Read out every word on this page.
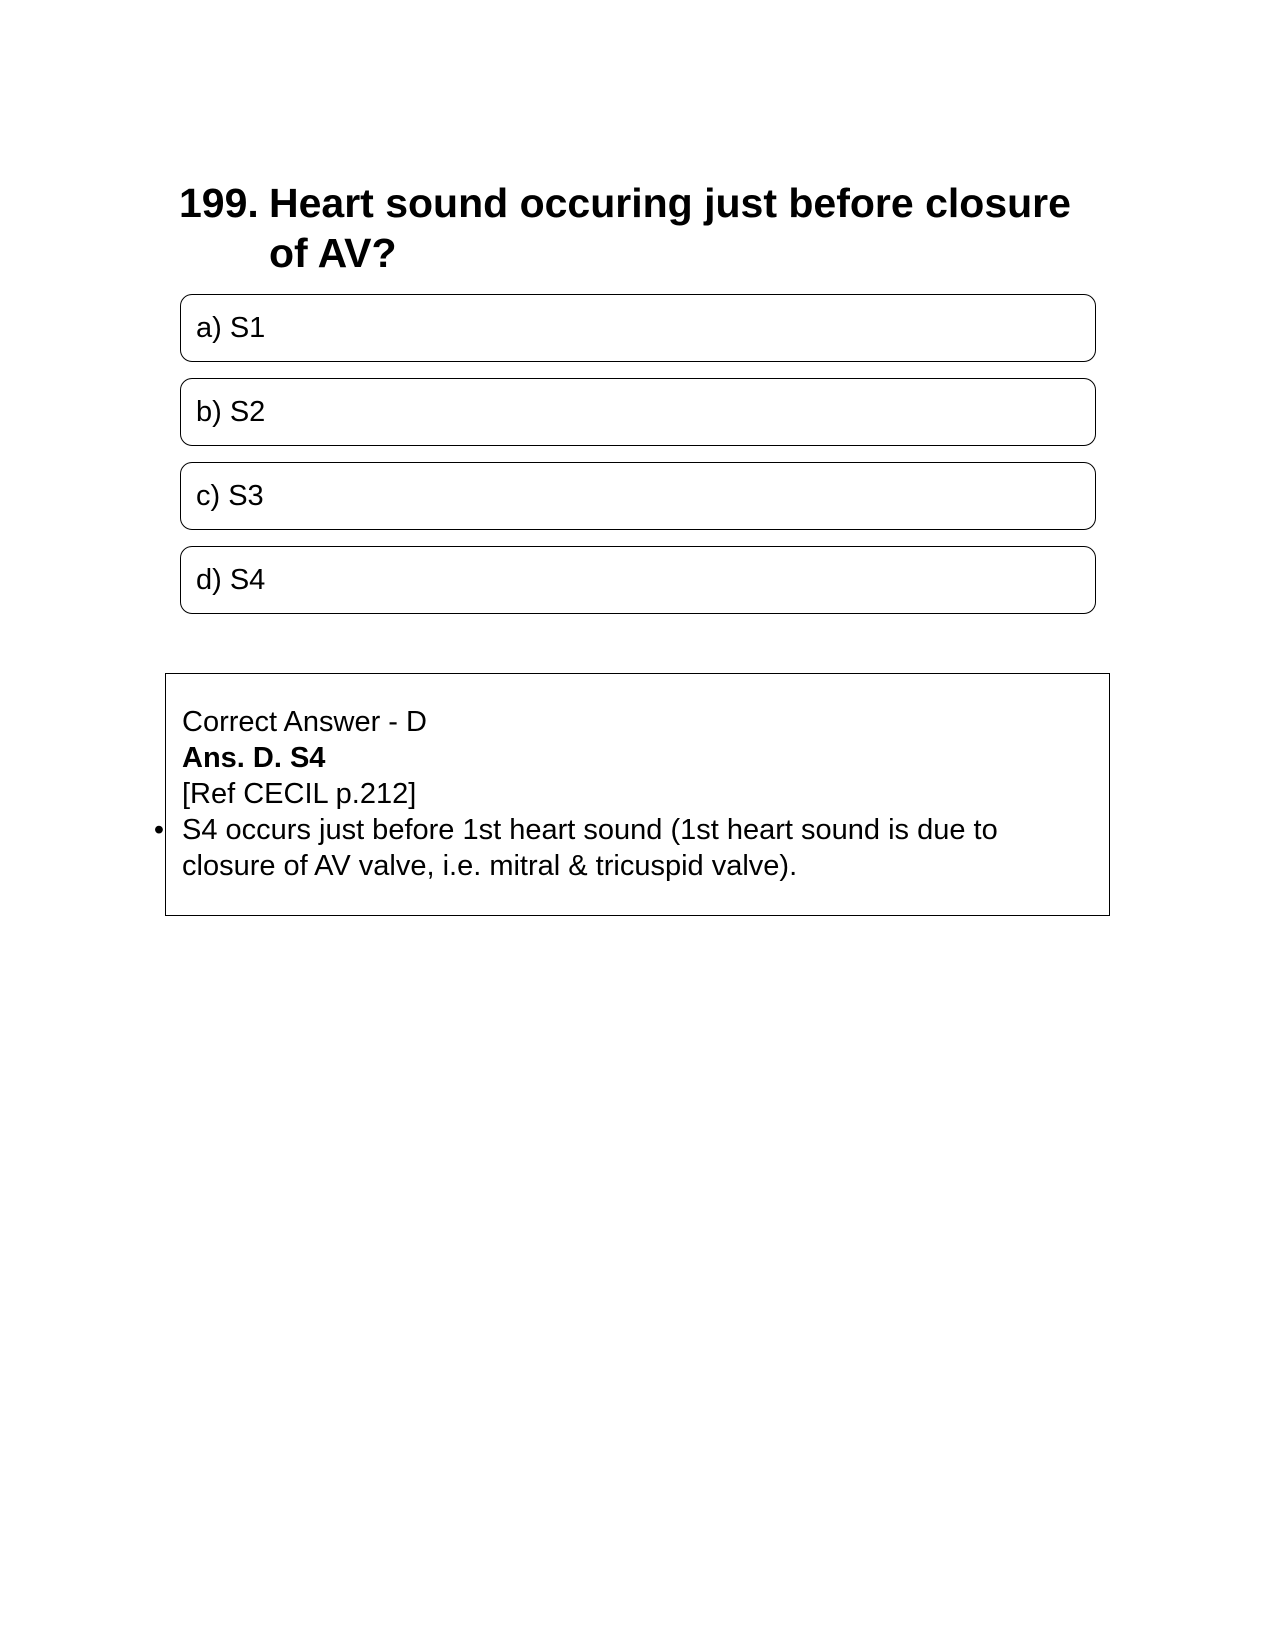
199. Heart sound occuring just before closure of AV?
a) S1
b) S2
c) S3
d) S4
Correct Answer - D
Ans. D. S4
[Ref CECIL p.212]
• S4 occurs just before 1st heart sound (1st heart sound is due to closure of AV valve, i.e. mitral & tricuspid valve).
